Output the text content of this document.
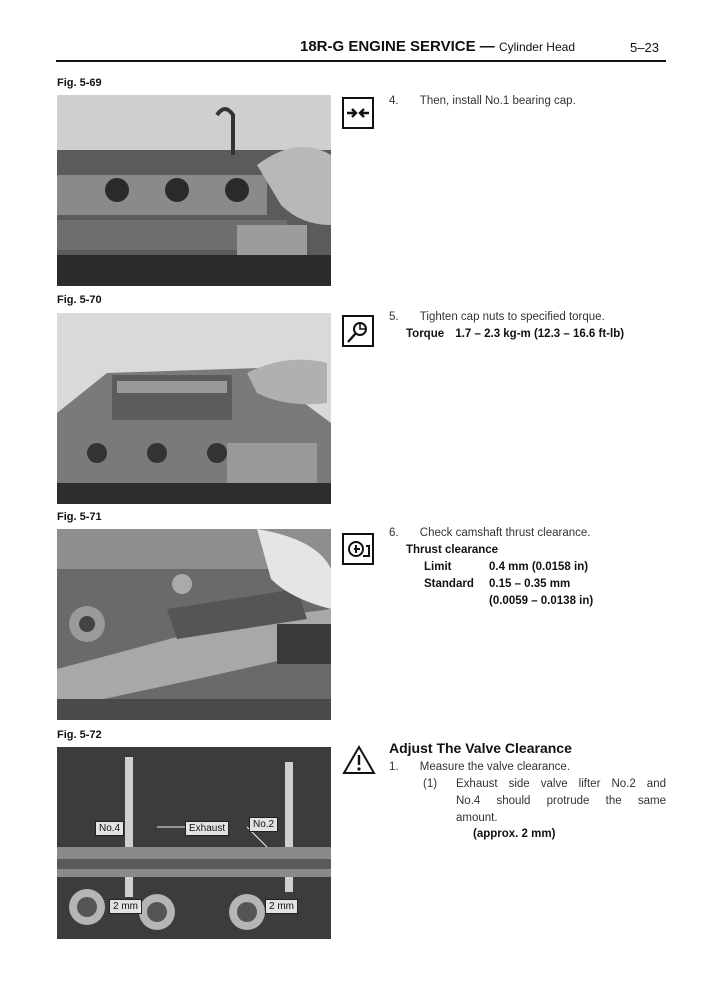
18R-G ENGINE SERVICE — Cylinder Head	5–23
Fig. 5-69
4. Then, install No.1 bearing cap.
Fig. 5-70
5. Tighten cap nuts to specified torque.
Torque 1.7 – 2.3 kg-m (12.3 – 16.6 ft-lb)
Fig. 5-71
6. Check camshaft thrust clearance.
Thrust clearance
Limit	0.4 mm (0.0158 in)
Standard 0.15 – 0.35 mm
(0.0059 – 0.0138 in)
Fig. 5-72
No.4	Exhaust	No.2
2 mm	2 mm
Adjust The Valve Clearance
1. Measure the valve clearance.
(1) Exhaust side valve lifter No.2 and
No.4 should protrude the same
amount.
(approx. 2 mm)
